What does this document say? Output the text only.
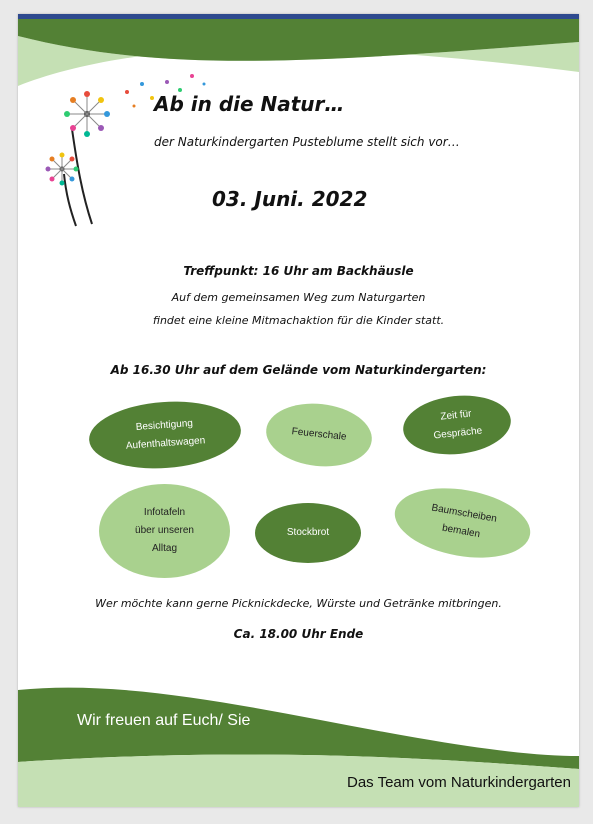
Ab in die Natur…
der Naturkindergarten Pusteblume stellt sich vor…
03. Juni. 2022
Treffpunkt: 16 Uhr am Backhäusle
Auf dem gemeinsamen Weg zum Naturgarten
findet eine kleine Mitmachaktion für die Kinder statt.
Ab 16.30 Uhr auf dem Gelände vom Naturkindergarten:
Besichtigung
Aufenthaltswagen
Feuerschale
Zeit für
Gespräche
Infotafeln
über unseren
Alltag
Stockbrot
Baumscheiben
bemalen
Wer möchte kann gerne Picknickdecke, Würste und Getränke mitbringen.
Ca. 18.00 Uhr Ende
Wir freuen auf Euch/ Sie
Das Team vom Naturkindergarten
